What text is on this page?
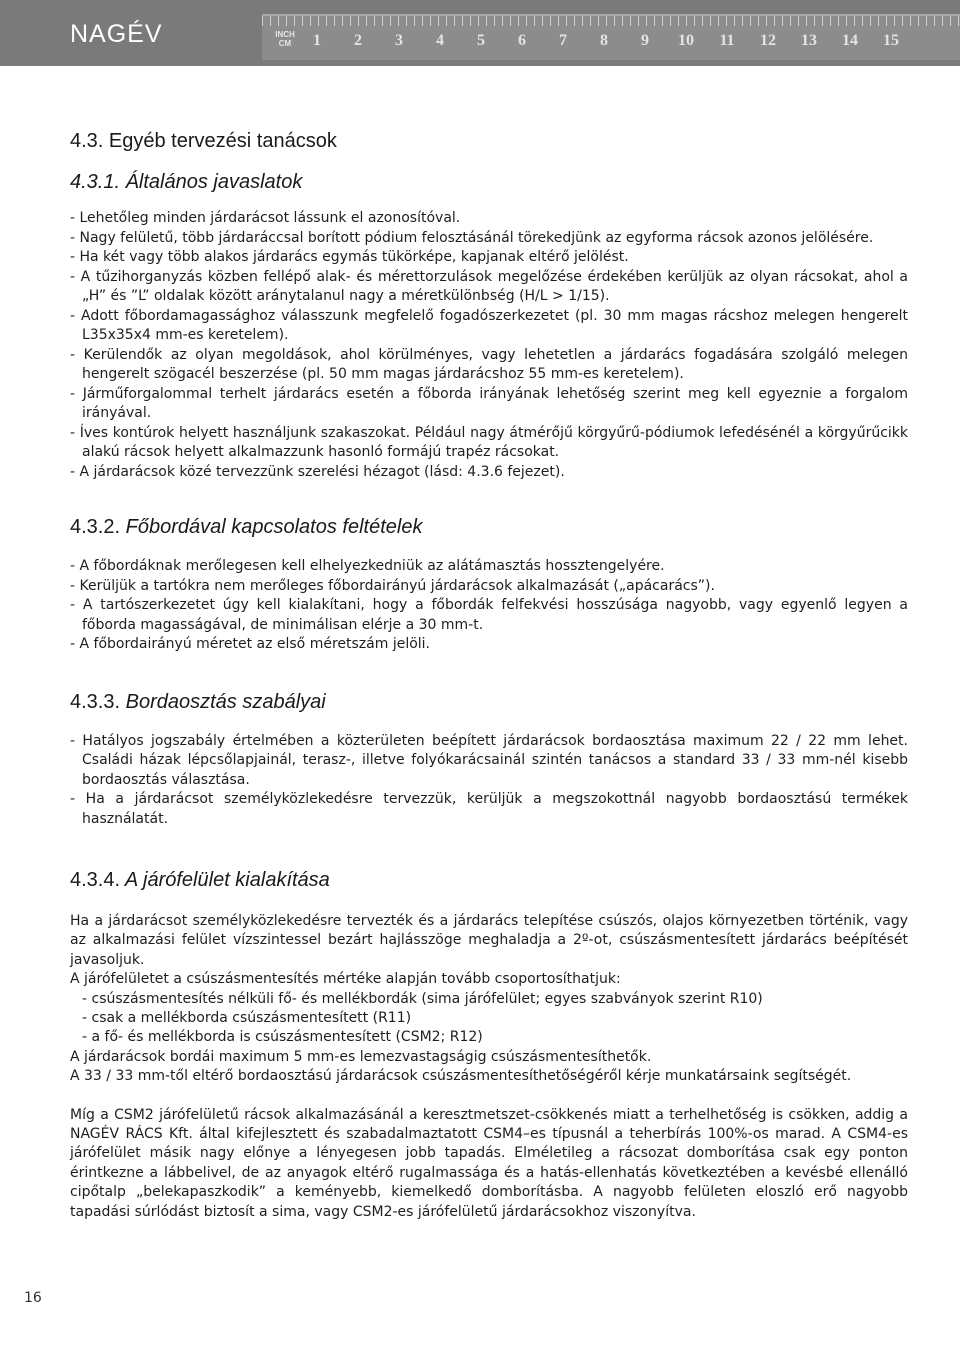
NAGÉV	INCH CM	1	2	3	4	5	6	7	8	9	10	11	12	13	14	15
4.3. Egyéb tervezési tanácsok
4.3.1. Általános javaslatok
- Lehetőleg minden járdarácsot lássunk el azonosítóval.
- Nagy felületű, több járdaráccsal borított pódium felosztásánál törekedjünk az egyforma rácsok azonos jelölésére.
- Ha két vagy több alakos járdarács egymás tükörképe, kapjanak eltérő jelölést.
- A tűzihorganyzás közben fellépő alak- és mérettorzulások megelőzése érdekében kerüljük az olyan rácsokat, ahol a „H” és ”L” oldalak között aránytalanul nagy a méretkülönbség (H/L > 1/15).
- Adott főbordamagassághoz válasszunk megfelelő fogadószerkezetet (pl. 30 mm magas rácshoz melegen hengerelt L35x35x4 mm-es keretelem).
- Kerülendők az olyan megoldások, ahol körülményes, vagy lehetetlen a járdarács fogadására szolgáló melegen hengerelt szögacél beszerzése (pl. 50 mm magas járdarácshoz 55 mm-es keretelem).
- Járműforgalommal terhelt járdarács esetén a főborda irányának lehetőség szerint meg kell egyeznie a forgalom irányával.
- Íves kontúrok helyett használjunk szakaszokat. Például nagy átmérőjű körgyűrű-pódiumok lefedésénél a körgyűrűcikk alakú rácsok helyett alkalmazzunk hasonló formájú trapéz rácsokat.
- A járdarácsok közé tervezzünk szerelési hézagot (lásd: 4.3.6 fejezet).
4.3.2. Főbordával kapcsolatos feltételek
- A főbordáknak merőlegesen kell elhelyezkedniük az alátámasztás hossztengelyére.
- Kerüljük a tartókra nem merőleges főbordairányú járdarácsok alkalmazását („apácarács”).
- A tartószerkezetet úgy kell kialakítani, hogy a főbordák felfekvési hosszúsága nagyobb, vagy egyenlő legyen a főborda magasságával, de minimálisan elérje a 30 mm-t.
- A főbordairányú méretet az első méretszám jelöli.
4.3.3. Bordaosztás szabályai
- Hatályos jogszabály értelmében a közterületen beépített járdarácsok bordaosztása maximum 22 / 22 mm lehet. Családi házak lépcsőlapjainál, terasz-, illetve folyókarácsainál szintén tanácsos a standard 33 / 33 mm-nél kisebb bordaosztás választása.
- Ha a járdarácsot személyközlekedésre tervezzük, kerüljük a megszokottnál nagyobb bordaosztású termékek használatát.
4.3.4. A járófelület kialakítása

Ha a járdarácsot személyközlekedésre tervezték és a járdarács telepítése csúszós, olajos környezetben történik, vagy az alkalmazási felület vízszintessel bezárt hajlásszöge meghaladja a 2º-ot, csúszásmentesített járdarács beépítését javasoljuk.

A járófelületet a csúszásmentesítés mértéke alapján tovább csoportosíthatjuk:

- csúszásmentesítés nélküli fő- és mellékbordák (sima járófelület; egyes szabványok szerint R10)
- csak a mellékborda csúszásmentesített (R11)
- a fő- és mellékborda is csúszásmentesített (CSM2; R12)

A járdarácsok bordái maximum 5 mm-es lemezvastagságig csúszásmentesíthetők.

A 33 / 33 mm-től eltérő bordaosztású járdarácsok csúszásmentesíthetőségéről kérje munkatársaink segítségét.

Míg a CSM2 járófelületű rácsok alkalmazásánál a keresztmetszet-csökkenés miatt a terhelhetőség is csökken, addig a NAGÉV RÁCS Kft. által kifejlesztett és szabadalmaztatott CSM4–es típusnál a teherbírás 100%-os marad. A CSM4-es járófelület másik nagy előnye a lényegesen jobb tapadás. Elméletileg a rácsozat domborítása csak egy ponton érintkezne a lábbelivel, de az anyagok eltérő rugalmassága és a hatás-ellenhatás következtében a kevésbé ellenálló cipőtalp „belekapaszkodik” a keményebb, kiemelkedő domborításba. A nagyobb felületen eloszló erő nagyobb tapadási súrlódást biztosít a sima, vagy CSM2-es járófelületű járdarácsokhoz viszonyítva.

16
